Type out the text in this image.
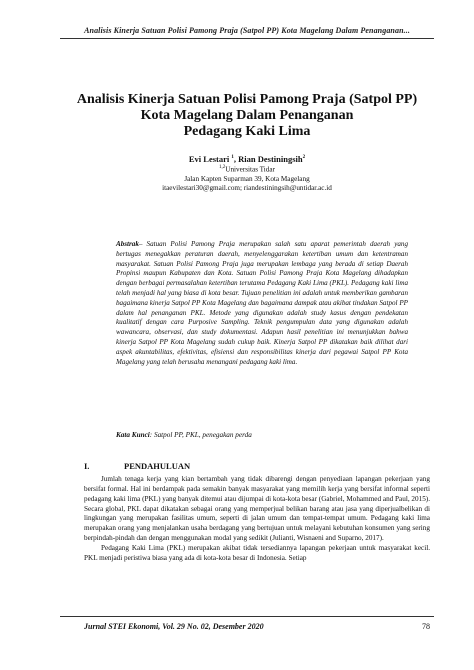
Analisis Kinerja Satuan Polisi Pamong Praja (Satpol PP) Kota Magelang Dalam Penanganan...
Analisis Kinerja Satuan Polisi Pamong Praja (Satpol PP)
Kota Magelang Dalam Penanganan
Pedagang Kaki Lima
Evi Lestari $^1$, Rian Destiningsih$^2$
$^{1,2}$Universitas Tidar
Jalan Kapten Suparman 39, Kota Magelang
itaevilestari30@gmail.com; riandestiningsih@untidar.ac.id
Abstrak– Satuan Polisi Pamong Praja merupakan salah satu aparat pemerintah daerah yang bertugas menegakkan peraturan daerah, menyelenggarakan ketertiban umum dan ketentraman masyarakat. Satuan Polisi Pamong Praja juga merupakan lembaga yang berada di setiap Daerah Propinsi maupun Kabupaten dan Kota. Satuan Polisi Pamong Praja Kota Magelang dihadapkan dengan berbagai permasalahan ketertiban terutama Pedagang Kaki Lima (PKL). Pedagang kaki lima telah menjadi hal yang biasa di kota besar. Tujuan penelitian ini adalah untuk memberikan gambaran bagaimana kinerja Satpol PP Kota Magelang dan bagaimana dampak atau akibat tindakan Satpol PP dalam hal penanganan PKL. Metode yang digunakan adalah study kasus dengan pendekatan kualitatif dengan cara Purposive Sampling. Teknik pengumpulan data yang digunakan adalah wawancara, observasi, dan study dokumentasi. Adapun hasil penelitian ini menunjukkan bahwa kinerja Satpol PP Kota Magelang sudah cukup baik. Kinerja Satpol PP dikatakan baik dilihat dari aspek akuntabilitas, efektivitas, efisiensi dan responsibilitas kinerja dari pegawai Satpol PP Kota Magelang yang telah berusaha menangani pedagang kaki lima.
Kata Kunci: Satpol PP, PKL, penegakan perda
I.	PENDAHULUAN

Jumlah tenaga kerja yang kian bertambah yang tidak dibarengi dengan penyediaan lapangan pekerjaan yang bersifat formal. Hal ini berdampak pada semakin banyak masyarakat yang memilih kerja yang bersifat informal seperti pedagang kaki lima (PKL) yang banyak ditemui atau dijumpai di kota-kota besar (Gabriel, Mohammed and Paul, 2015). Secara global, PKL dapat dikatakan sebagai orang yang memperjual belikan barang atau jasa yang diperjualbelikan di lingkungan yang merupakan fasilitas umum, seperti di jalan umum dan tempat-tempat umum. Pedagang kaki lima merupakan orang yang menjalankan usaha berdagang yang bertujuan untuk melayani kebutuhan konsumen yang sering berpindah-pindah dan dengan menggunakan modal yang sedikit (Julianti, Wisnaeni and Suparno, 2017).

Pedagang Kaki Lima (PKL) merupakan akibat tidak tersediannya lapangan pekerjaan untuk masyarakat kecil. PKL menjadi peristiwa biasa yang ada di kota-kota besar di Indonesia. Setiap

Jurnal STEI Ekonomi, Vol. 29 No. 02, Desember 2020	78
